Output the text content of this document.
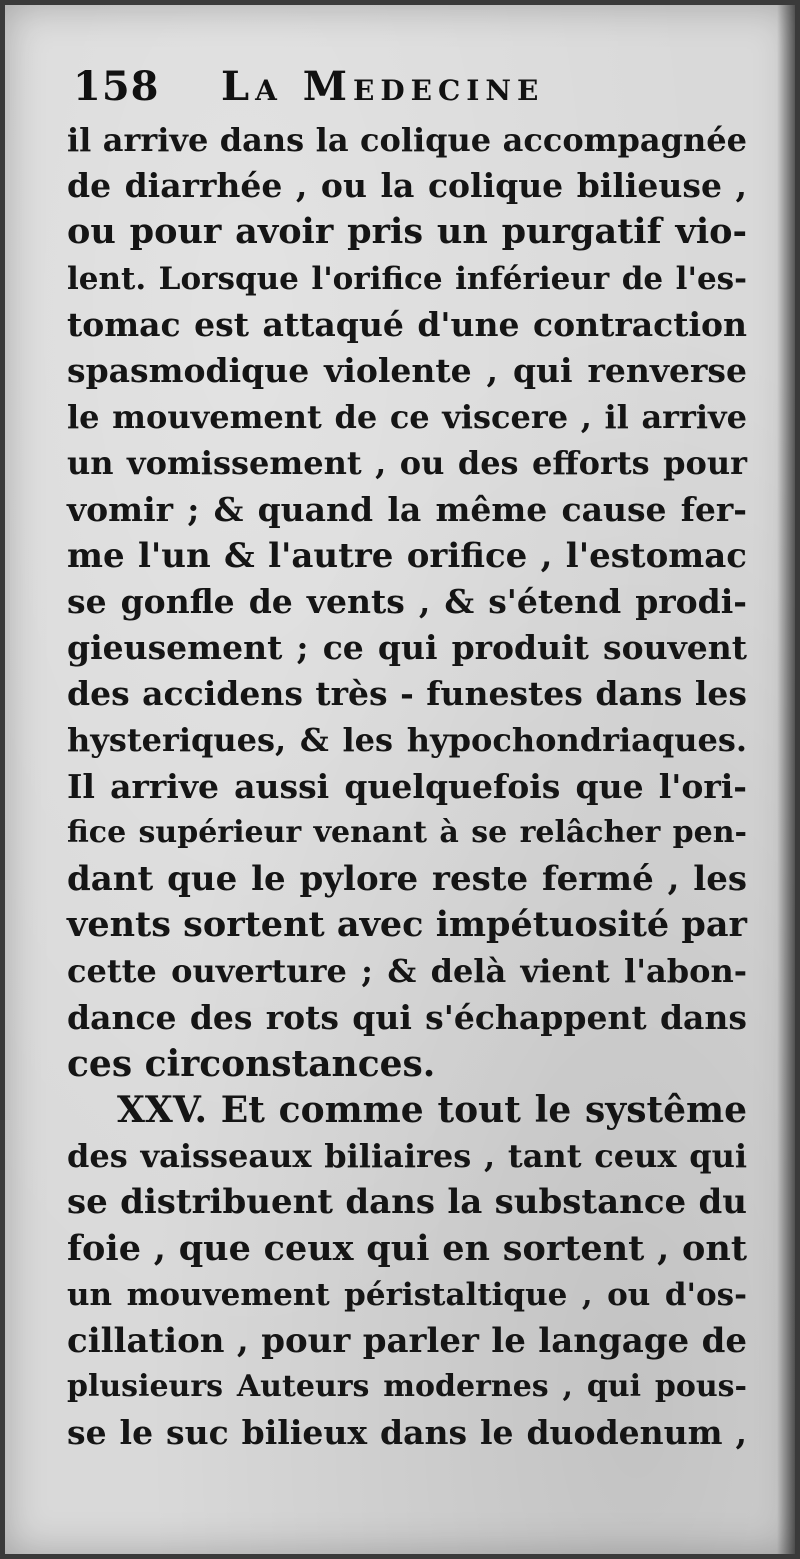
158 La Medecine
il arrive dans la colique accompagnée
de diarrhée , ou la colique bilieuse ,
ou pour avoir pris un purgatif vio-
lent. Lorsque l'orifice inférieur de l'es-
tomac est attaqué d'une contraction
spasmodique violente , qui renverse
le mouvement de ce viscere , il arrive
un vomissement , ou des efforts pour
vomir ; & quand la même cause fer-
me l'un & l'autre orifice , l'estomac
se gonfle de vents , & s'étend prodi-
gieusement ; ce qui produit souvent
des accidens très - funestes dans les
hysteriques, & les hypochondriaques.
Il arrive aussi quelquefois que l'ori-
fice supérieur venant à se relâcher pen-
dant que le pylore reste fermé , les
vents sortent avec impétuosité par
cette ouverture ; & delà vient l'abon-
dance des rots qui s'échappent dans
ces circonstances.
XXV. Et comme tout le systême
des vaisseaux biliaires , tant ceux qui
se distribuent dans la substance du
foie , que ceux qui en sortent , ont
un mouvement péristaltique , ou d'os-
cillation , pour parler le langage de
plusieurs Auteurs modernes , qui pous-
se le suc bilieux dans le duodenum ,
